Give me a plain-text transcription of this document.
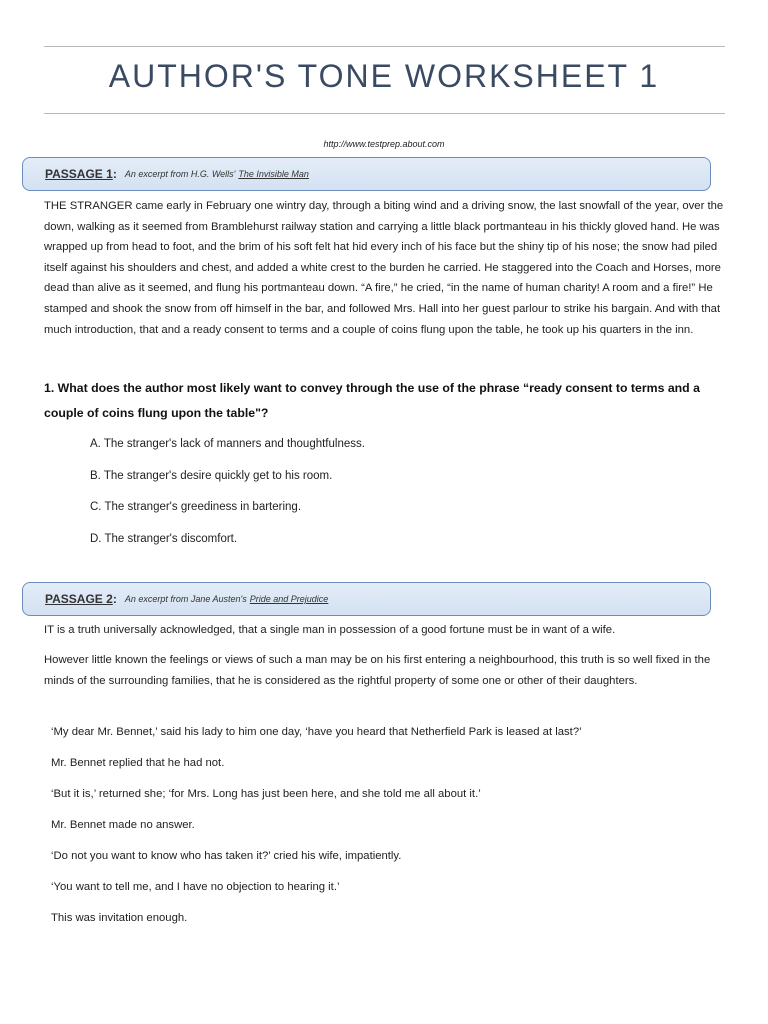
AUTHOR'S TONE WORKSHEET 1
http://www.testprep.about.com
PASSAGE 1 : An excerpt from H.G. Wells' The Invisible Man
THE STRANGER came early in February one wintry day, through a biting wind and a driving snow, the last snowfall of the year, over the down, walking as it seemed from Bramblehurst railway station and carrying a little black portmanteau in his thickly gloved hand. He was wrapped up from head to foot, and the brim of his soft felt hat hid every inch of his face but the shiny tip of his nose; the snow had piled itself against his shoulders and chest, and added a white crest to the burden he carried. He staggered into the Coach and Horses, more dead than alive as it seemed, and flung his portmanteau down. “A fire,” he cried, “in the name of human charity! A room and a fire!” He stamped and shook the snow from off himself in the bar, and followed Mrs. Hall into her guest parlour to strike his bargain. And with that much introduction, that and a ready consent to terms and a couple of coins flung upon the table, he took up his quarters in the inn.
1. What does the author most likely want to convey through the use of the phrase “ready consent to terms and a couple of coins flung upon the table"?
A. The stranger's lack of manners and thoughtfulness.
B. The stranger's desire quickly get to his room.
C. The stranger's greediness in bartering.
D. The stranger's discomfort.
PASSAGE 2 : An excerpt from Jane Austen's Pride and Prejudice
IT is a truth universally acknowledged, that a single man in possession of a good fortune must be in want of a wife.
However little known the feelings or views of such a man may be on his first entering a neighbourhood, this truth is so well fixed in the minds of the surrounding families, that he is considered as the rightful property of some one or other of their daughters.
‘My dear Mr. Bennet,’ said his lady to him one day, ‘have you heard that Netherfield Park is leased at last?’
Mr. Bennet replied that he had not.
‘But it is,’ returned she; ‘for Mrs. Long has just been here, and she told me all about it.’
Mr. Bennet made no answer.
‘Do not you want to know who has taken it?’ cried his wife, impatiently.
‘You want to tell me, and I have no objection to hearing it.’
This was invitation enough.
